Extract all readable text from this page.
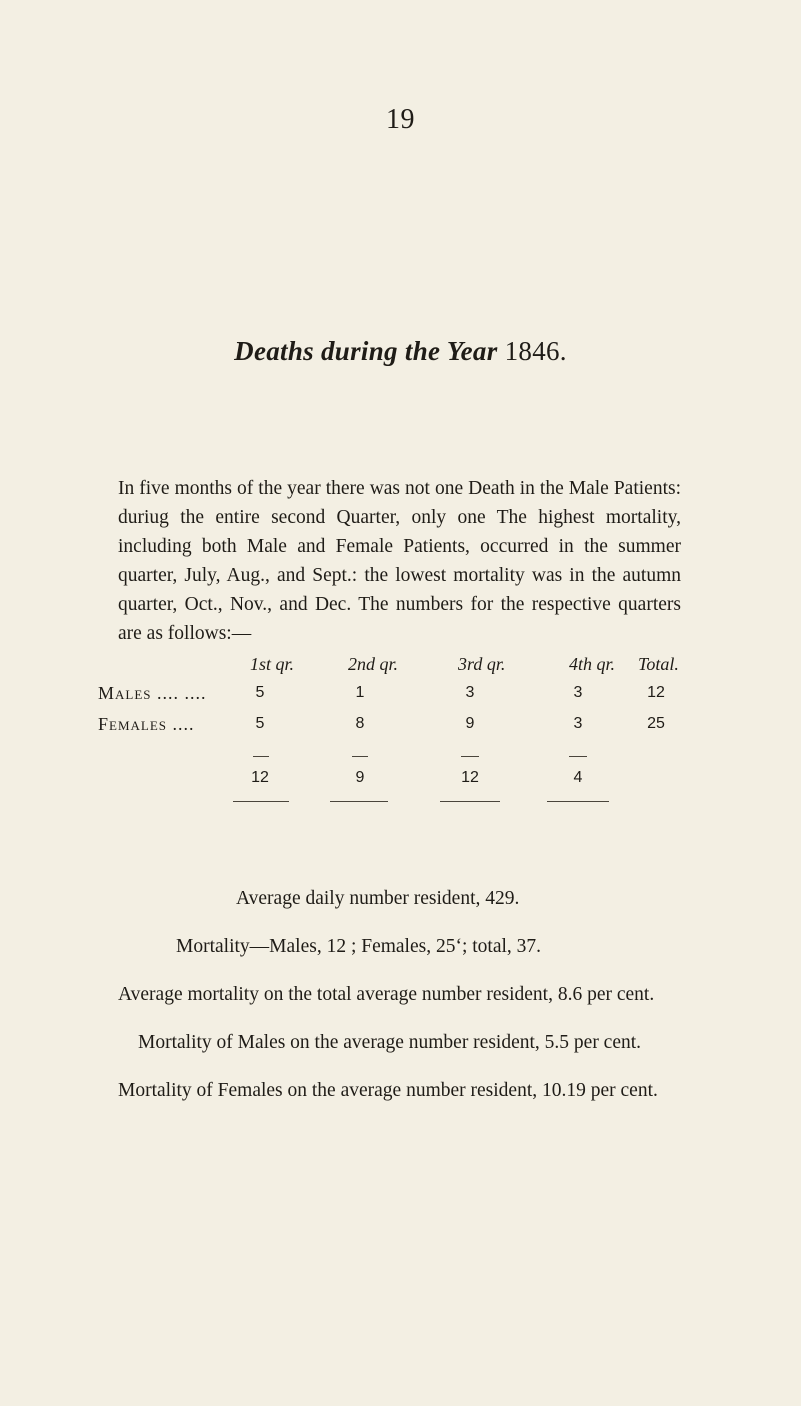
19
Deaths during the Year 1846.

In five months of the year there was not one Death in the Male Patients: duriug the entire second Quarter, only one The highest mortality, including both Male and Female Patients, occurred in the summer quarter, July, Aug., and Sept.: the lowest mortality was in the autumn quarter, Oct., Nov., and Dec. The numbers for the respective quarters are as follows:—

1st qr.	2nd qr.	3rd qr.	4th qr. Total.
Males .... ....	5	1	3	3	12
Females ....	5	8	9	3	25
12	9	12	4
Average daily number resident, 429.
Mortality—Males, 12 ; Females, 25‘; total, 37.
Average mortality on the total average number resident, 8.6 per cent.
Mortality of Males on the average number resident, 5.5 per cent.
Mortality of Females on the average number resident, 10.19 per cent.
